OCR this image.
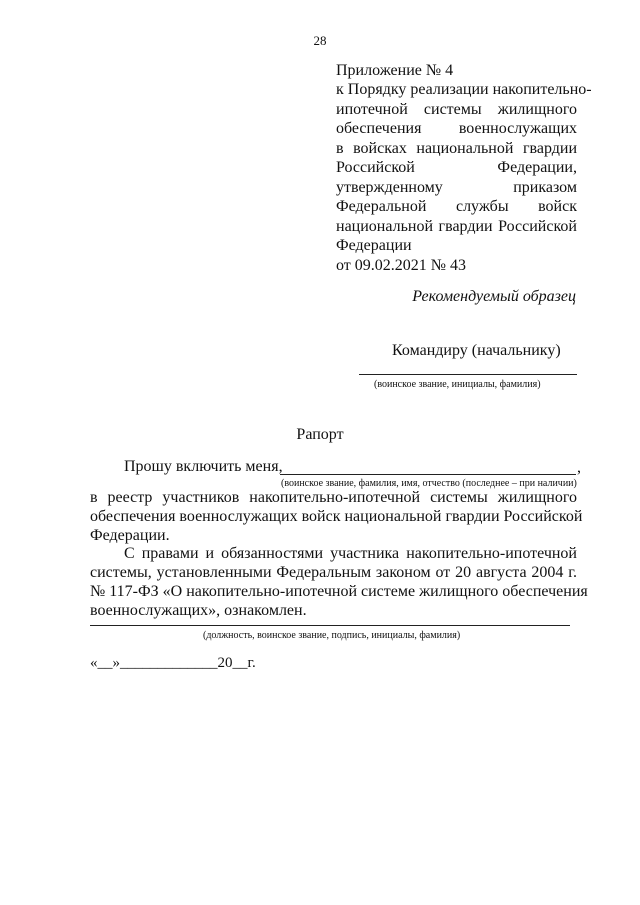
28
Приложение № 4
к Порядку реализации накопительно-
ипотечной системы жилищного
обеспечения военнослужащих
в войсках национальной гвардии
Российской Федерации,
утвержденному приказом
Федеральной службы войск
национальной гвардии Российской
Федерации
от 09.02.2021 № 43
Рекомендуемый образец
Командиру (начальнику)
(воинское звание, инициалы, фамилия)
Рапорт
Прошу включить меня,	,
(воинское звание, фамилия, имя, отчество (последнее – при наличии)
в реестр участников накопительно-ипотечной системы жилищного
обеспечения военнослужащих войск национальной гвардии Российской
Федерации.
С правами и обязанностями участника накопительно-ипотечной
системы, установленными Федеральным законом от 20 августа 2004 г.
№ 117-ФЗ «О накопительно-ипотечной системе жилищного обеспечения
военнослужащих», ознакомлен.
(должность, воинское звание, подпись, инициалы, фамилия)
«__»_____________20__г.
